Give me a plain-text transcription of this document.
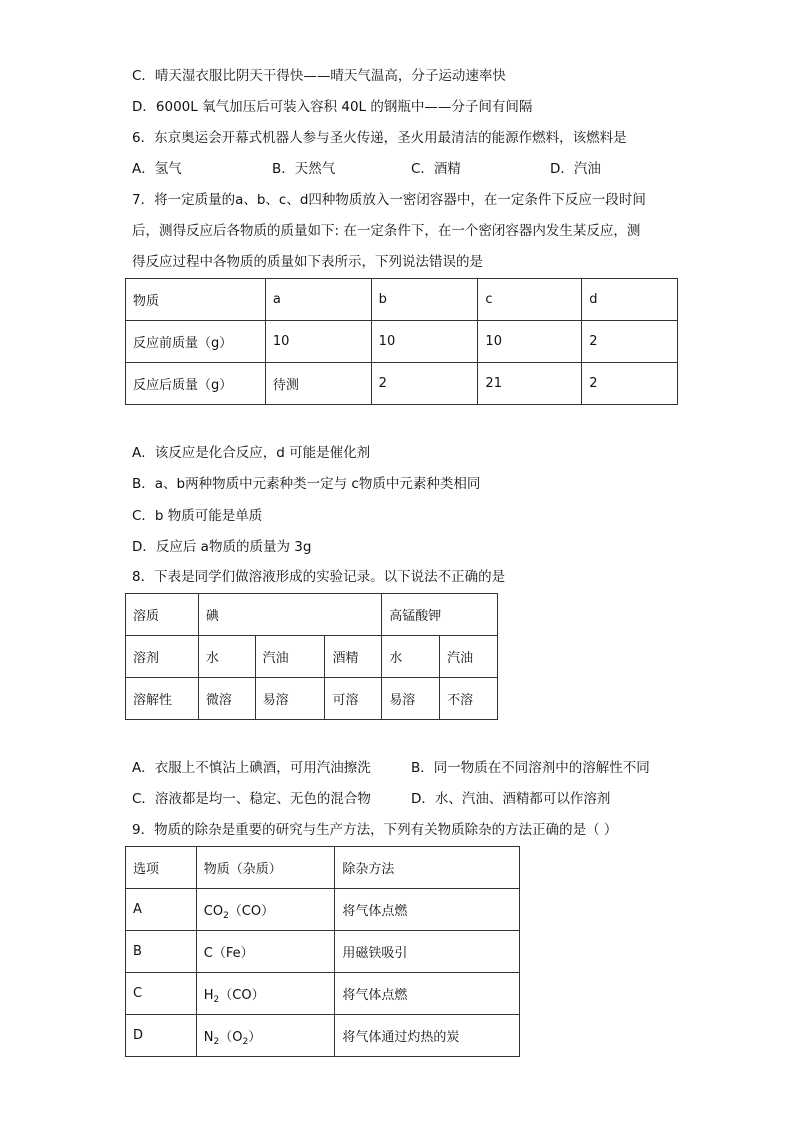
C．晴天湿衣服比阴天干得快——晴天气温高，分子运动速率快
D．6000L 氧气加压后可装入容积 40L 的钢瓶中——分子间有间隔
6．东京奥运会开幕式机器人参与圣火传递，圣火用最清洁的能源作燃料，该燃料是
A．氢气	B．天然气	C．酒精	D．汽油
7．将一定质量的a、b、c、d四种物质放入一密闭容器中，在一定条件下反应一段时间
后，测得反应后各物质的质量如下: 在一定条件下，在一个密闭容器内发生某反应，测
得反应过程中各物质的质量如下表所示，下列说法错误的是
物质	a	b	c	d
反应前质量（g）	10	10	10	2
反应后质量（g）	待测	2	21	2
A．该反应是化合反应，d 可能是催化剂
B．a、b两种物质中元素种类一定与 c物质中元素种类相同
C．b 物质可能是单质
D．反应后 a物质的质量为 3g
8．下表是同学们做溶液形成的实验记录。以下说法不正确的是
溶质	碘			高锰酸钾	
溶剂	水	汽油	酒精	水	汽油
溶解性	微溶	易溶	可溶	易溶	不溶
A．衣服上不慎沾上碘酒，可用汽油擦洗	B．同一物质在不同溶剂中的溶解性不同
C．溶液都是均一、稳定、无色的混合物	D．水、汽油、酒精都可以作溶剂
9．物质的除杂是重要的研究与生产方法，下列有关物质除杂的方法正确的是（ ）
选项	物质（杂质）	除杂方法
A	$CO_2(CO)$	将气体点燃
B	C（Fe）	用磁铁吸引
C	$H_2(CO)$	将气体点燃
D	$N_2(O_2)$	将气体通过灼热的炭
